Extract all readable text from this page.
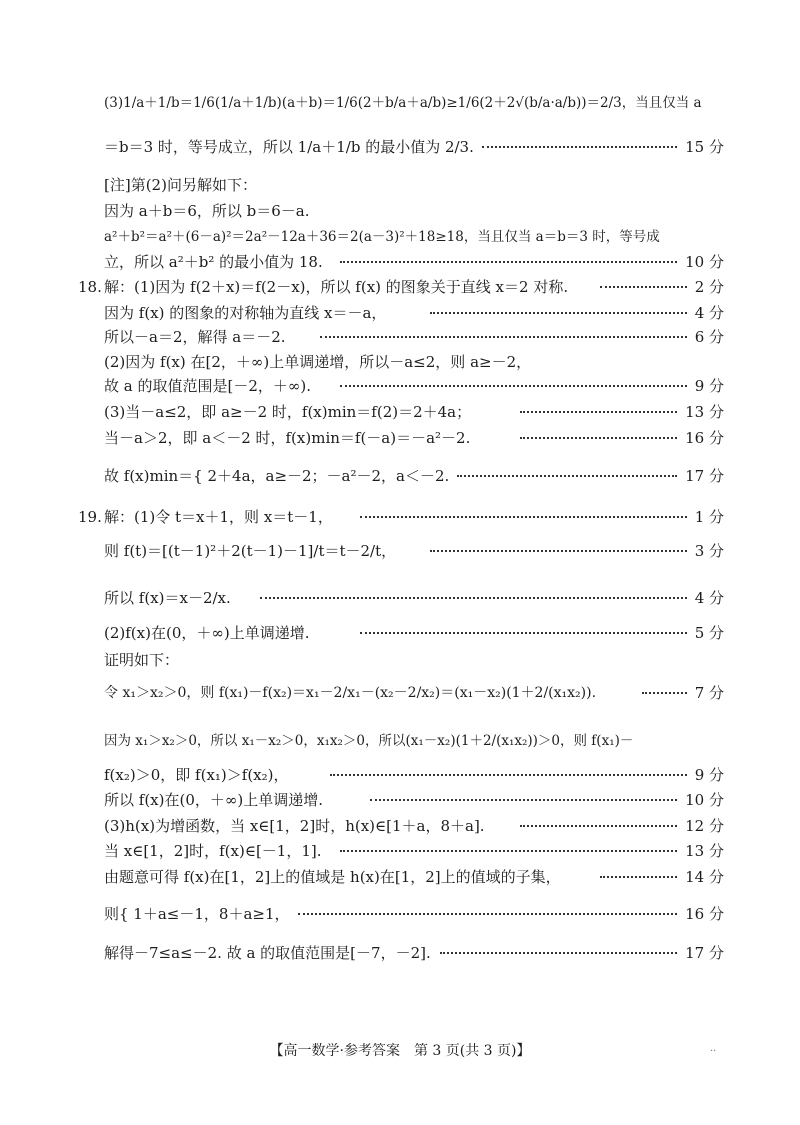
(3)1/a＋1/b＝1/6(1/a＋1/b)(a＋b)＝1/6(2＋b/a＋a/b)≥1/6(2＋2√(b/a·a/b))＝2/3，当且仅当 a
＝b＝3 时，等号成立，所以 1/a＋1/b 的最小值为 2/3.	15 分
[注]第(2)问另解如下：
因为 a＋b＝6，所以 b＝6－a.
a²＋b²＝a²＋(6－a)²＝2a²－12a＋36＝2(a－3)²＋18≥18，当且仅当 a＝b＝3 时，等号成
立，所以 a²＋b² 的最小值为 18.	10 分
18. 解：(1)因为 f(2＋x)＝f(2－x)，所以 f(x) 的图象关于直线 x＝2 对称.	2 分
因为 f(x) 的图象的对称轴为直线 x＝－a，	4 分
所以－a＝2，解得 a＝－2.	6 分
(2)因为 f(x) 在[2，＋∞)上单调递增，所以－a≤2，则 a≥－2，
故 a 的取值范围是[－2，＋∞).	9 分
(3)当－a≤2，即 a≥－2 时，f(x)min＝f(2)＝2＋4a；	13 分
当－a＞2，即 a＜－2 时，f(x)min＝f(－a)＝－a²－2.	16 分
故 f(x)min＝{ 2＋4a，a≥－2；－a²－2，a＜－2.	17 分
19. 解：(1)令 t＝x＋1，则 x＝t－1，	1 分
则 f(t)＝[(t－1)²＋2(t－1)－1]/t＝t－2/t，	3 分
所以 f(x)＝x－2/x.	4 分
(2)f(x)在(0，＋∞)上单调递增.	5 分
证明如下：
令 x₁＞x₂＞0，则 f(x₁)－f(x₂)＝x₁－2/x₁－(x₂－2/x₂)＝(x₁－x₂)(1＋2/(x₁x₂)).	7 分
因为 x₁＞x₂＞0，所以 x₁－x₂＞0，x₁x₂＞0，所以(x₁－x₂)(1＋2/(x₁x₂))＞0，则 f(x₁)－
f(x₂)＞0，即 f(x₁)＞f(x₂)，	9 分
所以 f(x)在(0，＋∞)上单调递增.	10 分
(3)h(x)为增函数，当 x∈[1，2]时，h(x)∈[1＋a，8＋a].	12 分
当 x∈[1，2]时，f(x)∈[－1，1].	13 分
由题意可得 f(x)在[1，2]上的值域是 h(x)在[1，2]上的值域的子集，	14 分
则{ 1＋a≤－1，8＋a≥1，	16 分
解得－7≤a≤－2. 故 a 的取值范围是[－7，－2].	17 分
【高一数学·参考答案　第 3 页(共 3 页)】	··
